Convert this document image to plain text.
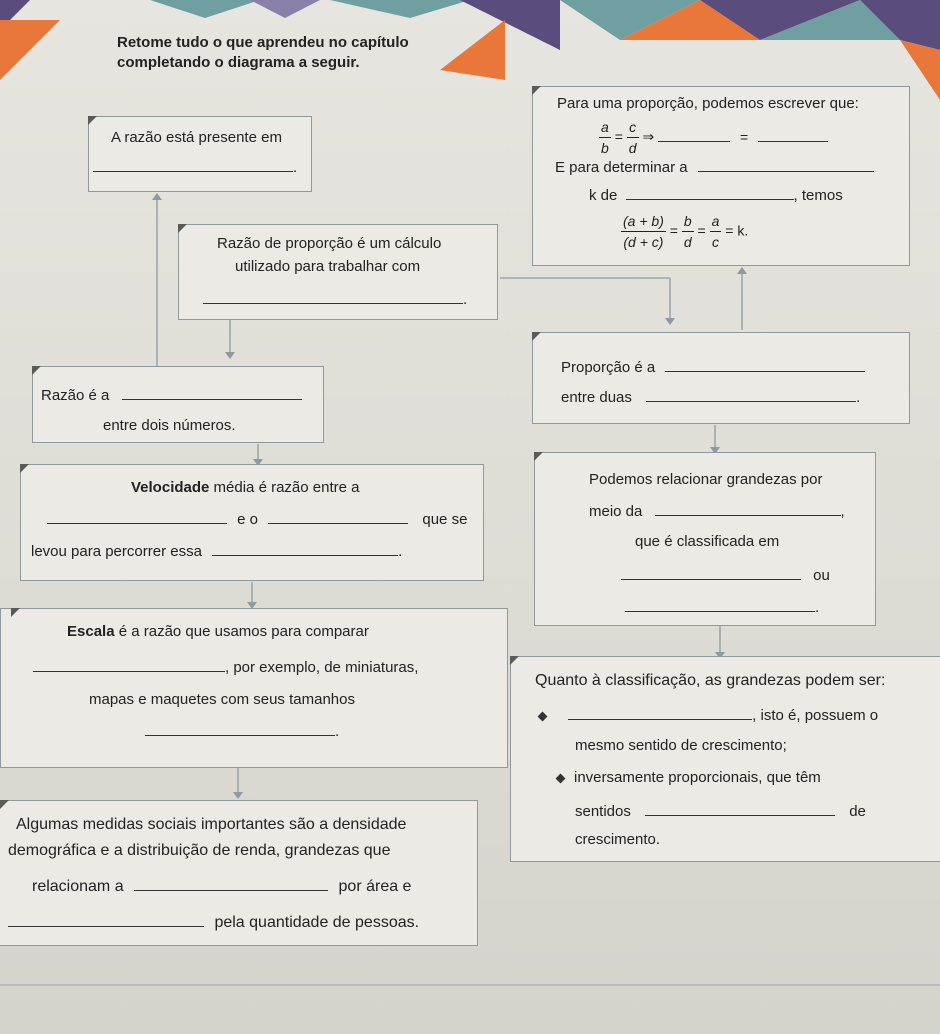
Retome tudo o que aprendeu no capítulo
completando o diagrama a seguir.
Para uma proporção, podemos escrever que:
$\frac{a}{b} = \frac{c}{d}$ ⇒	=
E para determinar a
k de	, temos
$\frac{(a + b)}{(d + c)} = \frac{b}{d} = \frac{a}{c} = k$.
A razão está presente em
.
Razão de proporção é um cálculo
utilizado para trabalhar com
.
Razão é a
entre dois números.
Proporção é a
entre duas	.
Velocidade média é razão entre a
e o	que se
levou para percorrer essa	.
Podemos relacionar grandezas por
meio da	,
que é classificada em
ou
.
Escala é a razão que usamos para comparar
, por exemplo, de miniaturas,
mapas e maquetes com seus tamanhos
.
Quanto à classificação, as grandezas podem ser:
, isto é, possuem o
mesmo sentido de crescimento;
inversamente proporcionais, que têm
sentidos	de
crescimento.
Algumas medidas sociais importantes são a densidade
demográfica e a distribuição de renda, grandezas que
relacionam a	por área e
pela quantidade de pessoas.
